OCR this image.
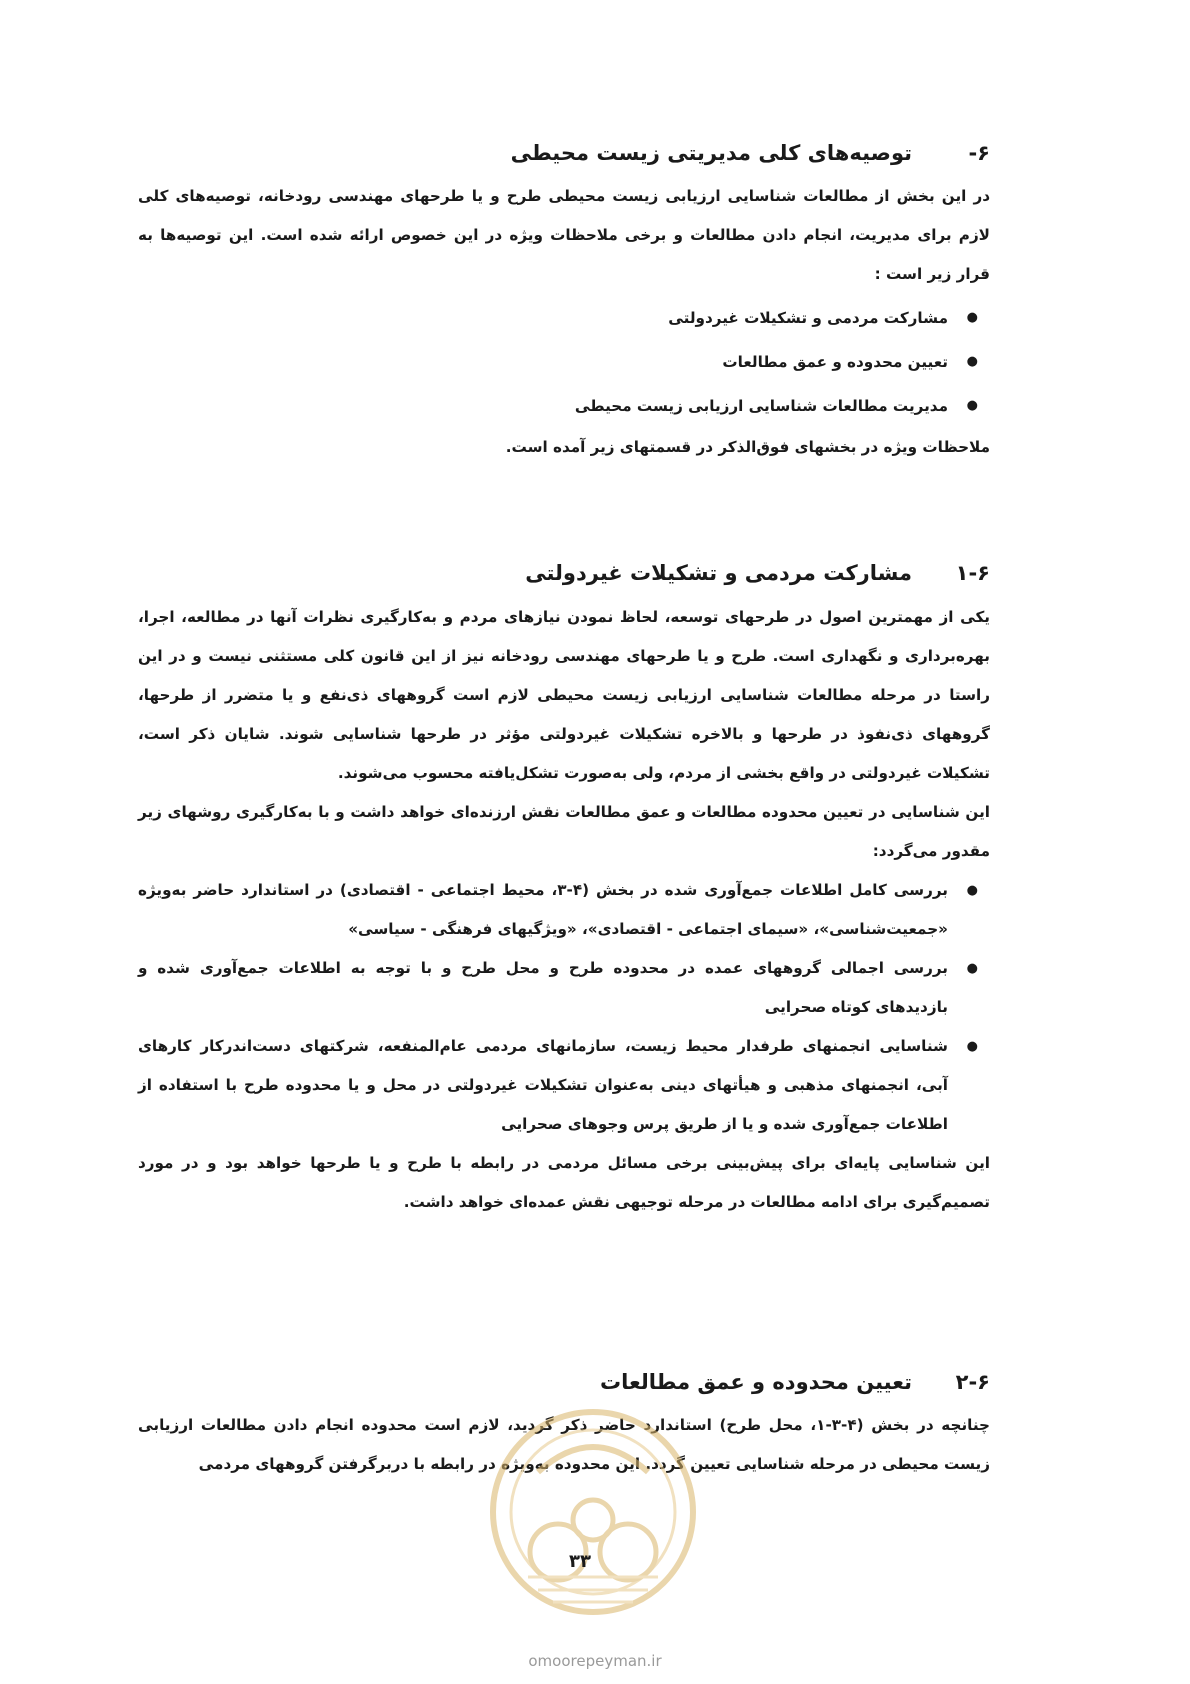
۶-توصیه‌های کلی مدیریتی زیست محیطی

در این بخش از مطالعات شناسایی ارزیابی زیست محیطی طرح و یا طرحهای مهندسی رودخانه، توصیه‌های کلی لازم برای مدیریت، انجام دادن مطالعات و برخی ملاحظات ویژه در این خصوص ارائه شده است. این توصیه‌ها به قرار زیر است :

● مشارکت مردمی و تشکیلات غیردولتی
● تعیین محدوده و عمق مطالعات
● مدیریت مطالعات شناسایی ارزیابی زیست محیطی

ملاحظات ویژه در بخشهای فوق‌الذکر در قسمتهای زیر آمده است.

۱-۶مشارکت مردمی و تشکیلات غیردولتی

یکی از مهمترین اصول در طرحهای توسعه، لحاظ نمودن نیازهای مردم و به‌کارگیری نظرات آنها در مطالعه، اجرا، بهره‌برداری و نگهداری است. طرح و یا طرحهای مهندسی رودخانه نیز از این قانون کلی مستثنی نیست و در این راستا در مرحله مطالعات شناسایی ارزیابی زیست محیطی لازم است گروههای ذی‌نفع و یا متضرر از طرحها، گروههای ذی‌نفوذ در طرحها و بالاخره تشکیلات غیردولتی مؤثر در طرحها شناسایی شوند. شایان ذکر است، تشکیلات غیردولتی در واقع بخشی از مردم، ولی به‌صورت تشکل‌یافته محسوب می‌شوند.

این شناسایی در تعیین محدوده مطالعات و عمق مطالعات نقش ارزنده‌ای خواهد داشت و با به‌کارگیری روشهای زیر مقدور می‌گردد:

● بررسی کامل اطلاعات جمع‌آوری شده در بخش (۴-۳، محیط اجتماعی - اقتصادی) در استاندارد حاضر به‌ویژه «جمعیت‌شناسی»، «سیمای اجتماعی - اقتصادی»، «ویژگیهای فرهنگی - سیاسی»
● بررسی اجمالی گروههای عمده در محدوده طرح و محل طرح و با توجه به اطلاعات جمع‌آوری شده و بازدیدهای کوتاه صحرایی
● شناسایی انجمنهای طرفدار محیط زیست، سازمانهای مردمی عام‌المنفعه، شرکتهای دست‌اندرکار کارهای آبی، انجمنهای مذهبی و هیأتهای دینی به‌عنوان تشکیلات غیردولتی در محل و یا محدوده طرح با استفاده از اطلاعات جمع‌آوری شده و یا از طریق پرس وجوهای صحرایی

این شناسایی پایه‌ای برای پیش‌بینی برخی مسائل مردمی در رابطه با طرح و یا طرحها خواهد بود و در مورد تصمیم‌گیری برای ادامه مطالعات در مرحله توجیهی نقش عمده‌ای خواهد داشت.

۲-۶تعیین محدوده و عمق مطالعات

چنانچه در بخش (۴-۳-۱، محل طرح) استاندارد حاضر ذکر گردید، لازم است محدوده انجام دادن مطالعات ارزیابی زیست محیطی در مرحله شناسایی تعیین گردد. این محدوده به‌ویژه در رابطه با دربرگرفتن گروههای مردمی

۳۳
omoorepeyman.ir
